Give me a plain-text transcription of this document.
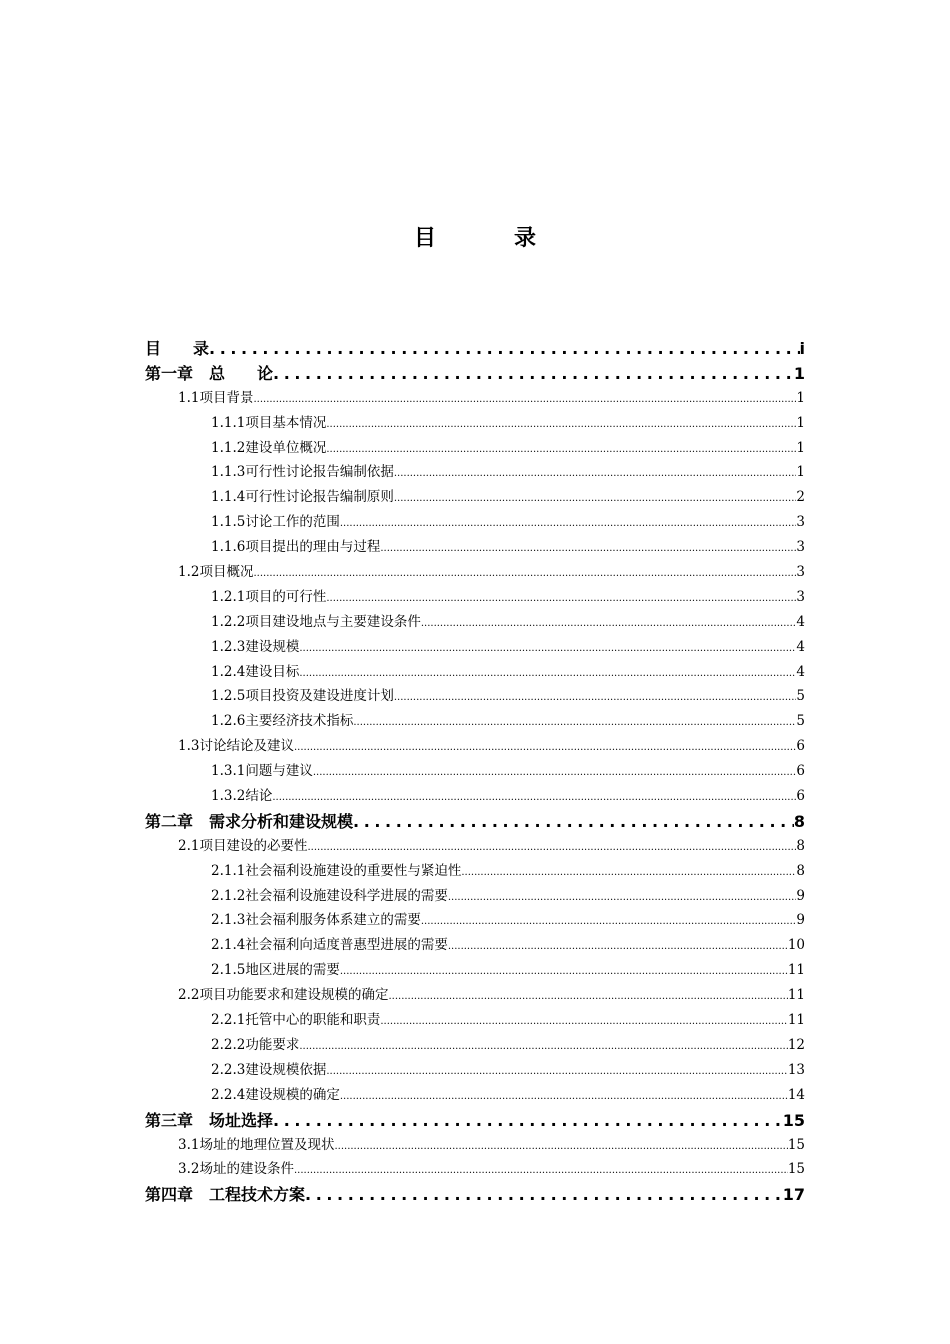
目录
目　　录 .....	i
第一章　总　　论 .....	1
1.1项目背景 .....	1
1.1.1项目基本情况 .....	1
1.1.2建设单位概况 .....	1
1.1.3可行性讨论报告编制依据 .....	1
1.1.4可行性讨论报告编制原则 .....	2
1.1.5讨论工作的范围 .....	3
1.1.6项目提出的理由与过程 .....	3
1.2项目概况 .....	3
1.2.1项目的可行性 .....	3
1.2.2项目建设地点与主要建设条件 .....	4
1.2.3建设规模 .....	4
1.2.4建设目标 .....	4
1.2.5项目投资及建设进度计划 .....	5
1.2.6主要经济技术指标 .....	5
1.3讨论结论及建议 .....	6
1.3.1问题与建议 .....	6
1.3.2结论 .....	6
第二章　需求分析和建设规模 .....	8
2.1项目建设的必要性 .....	8
2.1.1社会福利设施建设的重要性与紧迫性 .....	8
2.1.2社会福利设施建设科学进展的需要 .....	9
2.1.3社会福利服务体系建立的需要 .....	9
2.1.4社会福利向适度普惠型进展的需要 .....	10
2.1.5地区进展的需要 .....	11
2.2项目功能要求和建设规模的确定 .....	11
2.2.1托管中心的职能和职责 .....	11
2.2.2功能要求 .....	12
2.2.3建设规模依据 .....	13
2.2.4建设规模的确定 .....	14
第三章　场址选择 .....	15
3.1场址的地理位置及现状 .....	15
3.2场址的建设条件 .....	15
第四章　工程技术方案 .....	17
